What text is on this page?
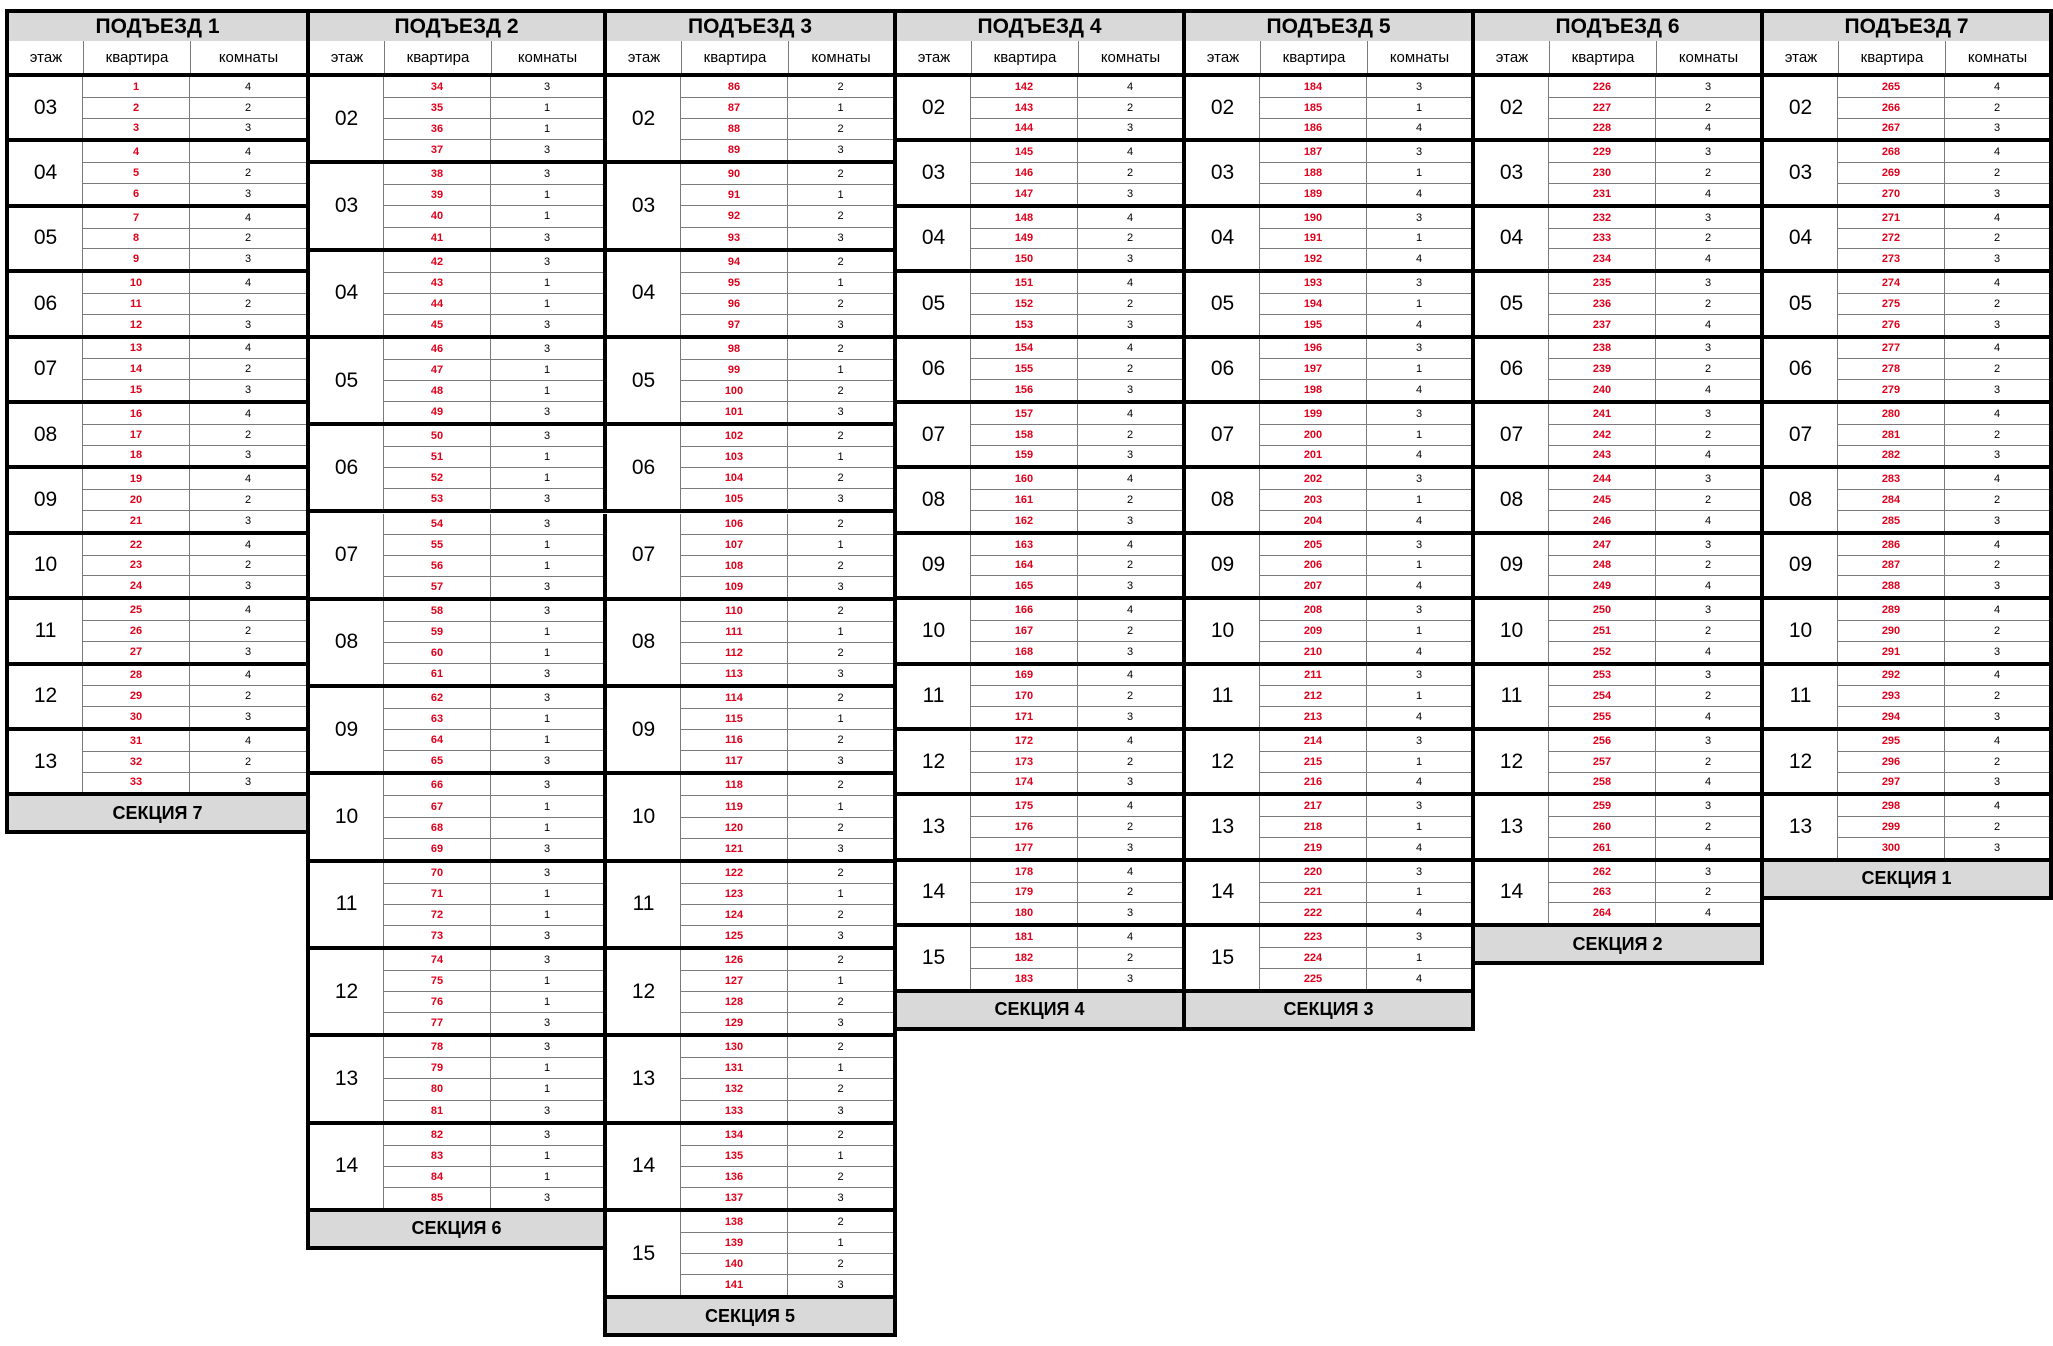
ПОДЪЕЗД 1
этаж	квартира	комнаты
03
1	4
2	2
3	3
04
4	4
5	2
6	3
05
7	4
8	2
9	3
06
10	4
11	2
12	3
07
13	4
14	2
15	3
08
16	4
17	2
18	3
09
19	4
20	2
21	3
10
22	4
23	2
24	3
11
25	4
26	2
27	3
12
28	4
29	2
30	3
13
31	4
32	2
33	3
СЕКЦИЯ 7
ПОДЪЕЗД 2
этаж	квартира	комнаты
02
34	3
35	1
36	1
37	3
03
38	3
39	1
40	1
41	3
04
42	3
43	1
44	1
45	3
05
46	3
47	1
48	1
49	3
06
50	3
51	1
52	1
53	3
07
54	3
55	1
56	1
57	3
08
58	3
59	1
60	1
61	3
09
62	3
63	1
64	1
65	3
10
66	3
67	1
68	1
69	3
11
70	3
71	1
72	1
73	3
12
74	3
75	1
76	1
77	3
13
78	3
79	1
80	1
81	3
14
82	3
83	1
84	1
85	3
СЕКЦИЯ 6
ПОДЪЕЗД 3
этаж	квартира	комнаты
02
86	2
87	1
88	2
89	3
03
90	2
91	1
92	2
93	3
04
94	2
95	1
96	2
97	3
05
98	2
99	1
100	2
101	3
06
102	2
103	1
104	2
105	3
07
106	2
107	1
108	2
109	3
08
110	2
111	1
112	2
113	3
09
114	2
115	1
116	2
117	3
10
118	2
119	1
120	2
121	3
11
122	2
123	1
124	2
125	3
12
126	2
127	1
128	2
129	3
13
130	2
131	1
132	2
133	3
14
134	2
135	1
136	2
137	3
15
138	2
139	1
140	2
141	3
СЕКЦИЯ 5
ПОДЪЕЗД 4
этаж	квартира	комнаты
02
142	4
143	2
144	3
03
145	4
146	2
147	3
04
148	4
149	2
150	3
05
151	4
152	2
153	3
06
154	4
155	2
156	3
07
157	4
158	2
159	3
08
160	4
161	2
162	3
09
163	4
164	2
165	3
10
166	4
167	2
168	3
11
169	4
170	2
171	3
12
172	4
173	2
174	3
13
175	4
176	2
177	3
14
178	4
179	2
180	3
15
181	4
182	2
183	3
СЕКЦИЯ 4
ПОДЪЕЗД 5
этаж	квартира	комнаты
02
184	3
185	1
186	4
03
187	3
188	1
189	4
04
190	3
191	1
192	4
05
193	3
194	1
195	4
06
196	3
197	1
198	4
07
199	3
200	1
201	4
08
202	3
203	1
204	4
09
205	3
206	1
207	4
10
208	3
209	1
210	4
11
211	3
212	1
213	4
12
214	3
215	1
216	4
13
217	3
218	1
219	4
14
220	3
221	1
222	4
15
223	3
224	1
225	4
СЕКЦИЯ 3
ПОДЪЕЗД 6
этаж	квартира	комнаты
02
226	3
227	2
228	4
03
229	3
230	2
231	4
04
232	3
233	2
234	4
05
235	3
236	2
237	4
06
238	3
239	2
240	4
07
241	3
242	2
243	4
08
244	3
245	2
246	4
09
247	3
248	2
249	4
10
250	3
251	2
252	4
11
253	3
254	2
255	4
12
256	3
257	2
258	4
13
259	3
260	2
261	4
14
262	3
263	2
264	4
СЕКЦИЯ 2
ПОДЪЕЗД 7
этаж	квартира	комнаты
02
265	4
266	2
267	3
03
268	4
269	2
270	3
04
271	4
272	2
273	3
05
274	4
275	2
276	3
06
277	4
278	2
279	3
07
280	4
281	2
282	3
08
283	4
284	2
285	3
09
286	4
287	2
288	3
10
289	4
290	2
291	3
11
292	4
293	2
294	3
12
295	4
296	2
297	3
13
298	4
299	2
300	3
СЕКЦИЯ 1
